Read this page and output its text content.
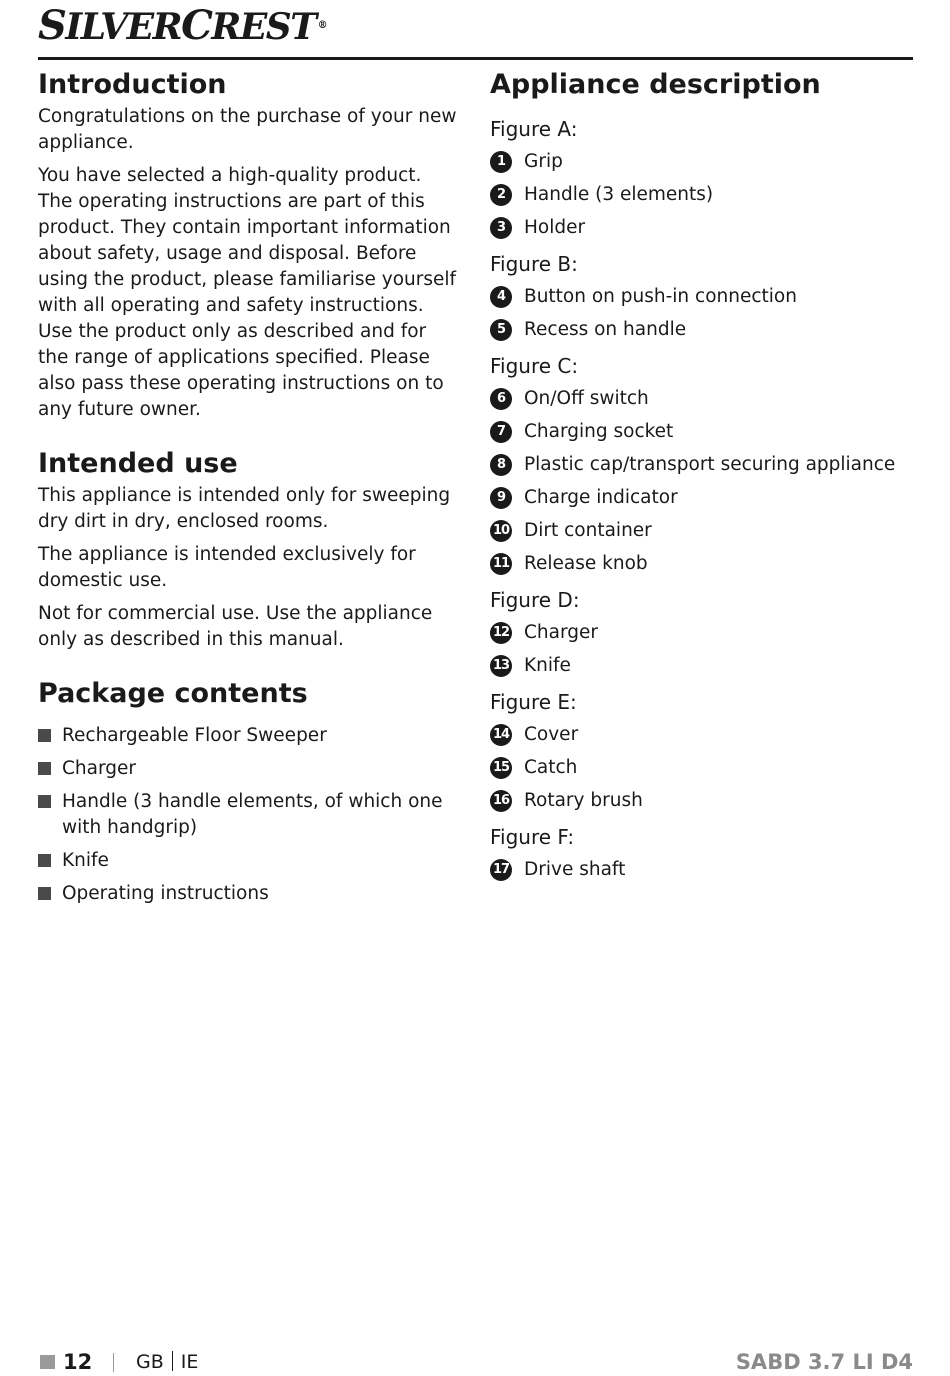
SILVERCREST ®
Introduction

Congratulations on the purchase of your new appliance.

You have selected a high-quality product. The operating instructions are part of this product. They contain important information about safety, usage and disposal. Before using the product, please familiarise yourself with all operating and safety instructions. Use the product only as described and for the range of applications specified. Please also pass these operating instructions on to any future owner.

Intended use

This appliance is intended only for sweeping dry dirt in dry, enclosed rooms.

The appliance is intended exclusively for domestic use.

Not for commercial use. Use the appliance only as described in this manual.

Package contents
Rechargeable Floor Sweeper
Charger
Handle (3 handle elements, of which one with handgrip)
Knife
Operating instructions
Appliance description
Figure A:
1	Grip
2	Handle (3 elements)
3	Holder
Figure B:
4	Button on push-in connection
5	Recess on handle
Figure C:
6	On/Off switch
7	Charging socket
8	Plastic cap/transport securing appliance
9	Charge indicator
10 Dirt container
11 Release knob
Figure D:
12 Charger
13 Knife
Figure E:
14 Cover
15 Catch
16 Rotary brush
Figure F:
17 Drive shaft
12 GB IE	SABD 3.7 LI D4
